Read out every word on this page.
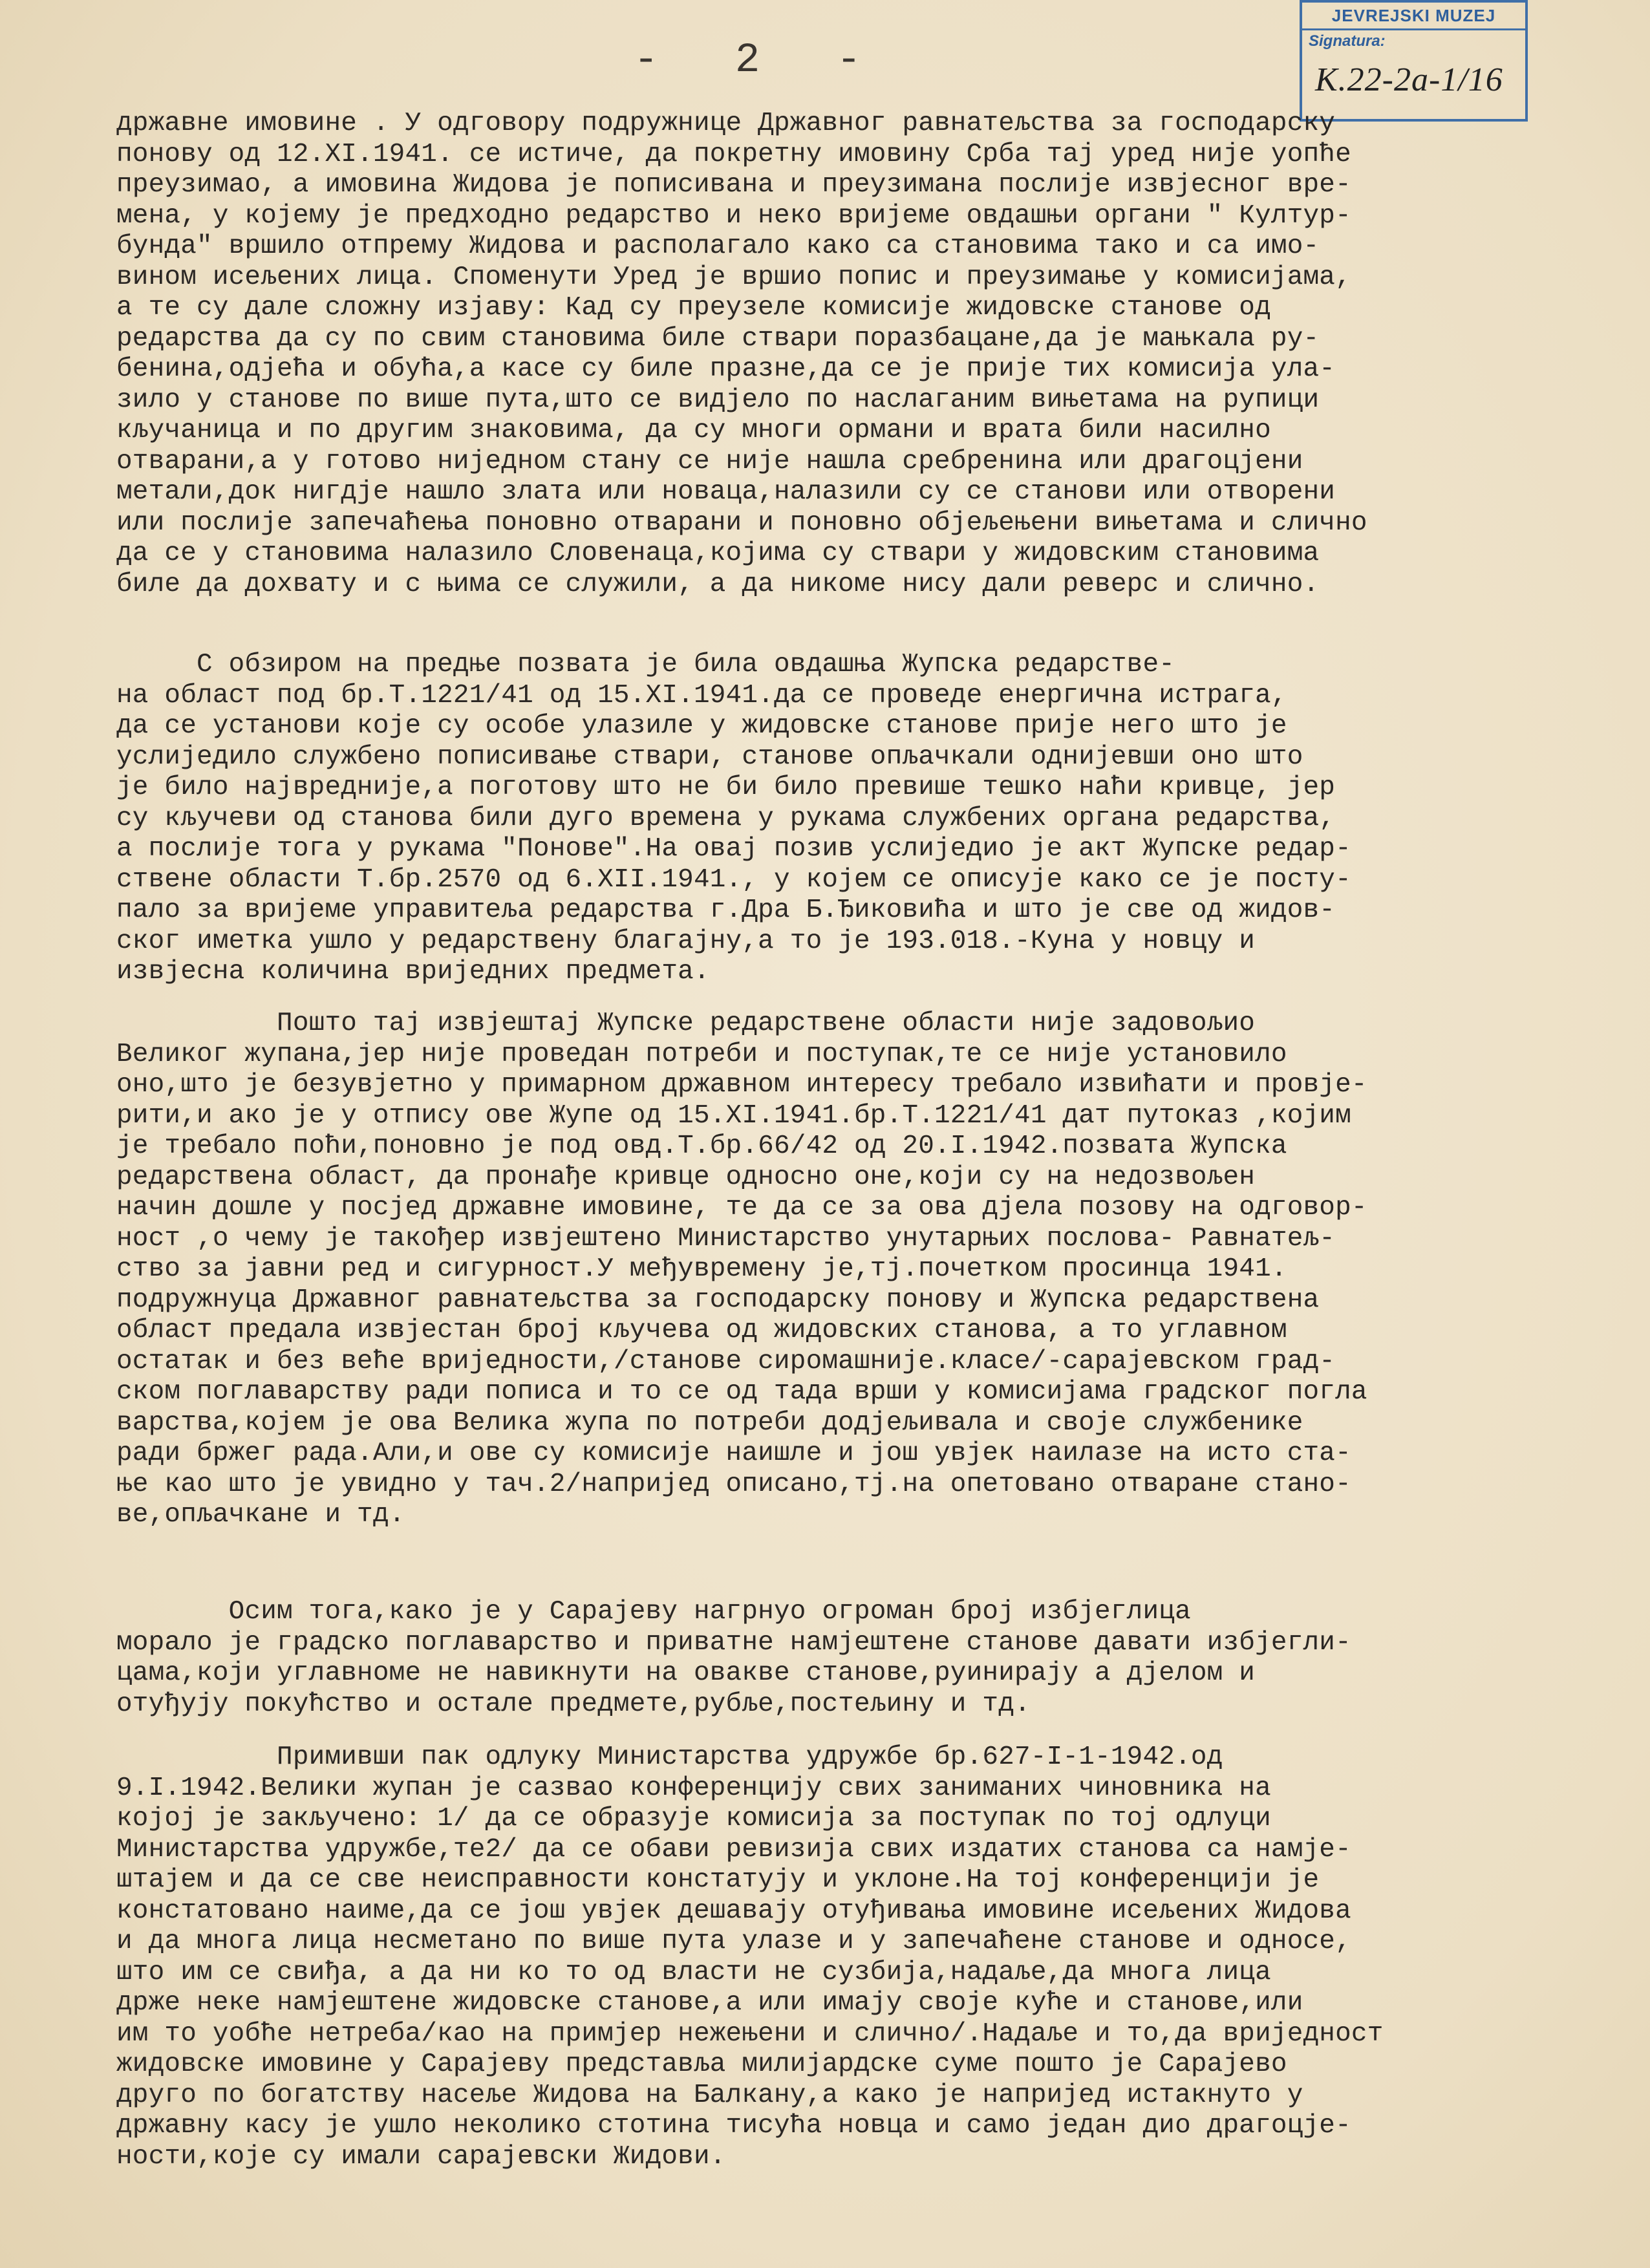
- 2 -
JEVREJSKI MUZEJ
Signatura:
K.22-2a-1/16
државне имовине . У одговору подружнице Државног равнатељства за господарску
понову од 12.XI.1941. се истиче, да покретну имовину Срба тај уред није уопће
преузимао, а имовина Жидова је пописивана и преузимана послије извјесног вре-
мена, у којему је предходно редарство и неко вријеме овдашњи органи " Култур-
бунда" вршило отпрему Жидова и располагало како са становима тако и са имо-
вином исељених лица. Споменути Уред је вршио попис и преузимање у комисијама,
а те су дале сложну изјаву: Кад су преузеле комисије жидовске станове од
редарства да су по свим становима биле ствари поразбацане,да је мањкала ру-
бенина,одјећа и обућа,а касе су биле празне,да се је прије тих комисија ула-
зило у станове по више пута,што се видјело по наслаганим вињетама на рупици
кључаница и по другим знаковима, да су многи ормани и врата били насилно
отварани,а у готово ниједном стану се није нашла сребренина или драгоцјени
метали,док нигдје нашло злата или новаца,налазили су се станови или отворени
или послије запечаћења поновно отварани и поновно објељењени вињетама и слично
да се у становима налазило Словенаца,којима су ствари у жидовским становима
биле да дохвату и с њима се служили, а да никоме нису дали реверс и слично.
С обзиром на предње позвата је била овдашња Жупска редарстве-
на област под бр.Т.1221/41 од 15.XI.1941.да се проведе енергична истрага,
да се установи које су особе улазиле у жидовске станове прије него што је
услиједило службено пописивање ствари, станове опљачкали однијевши оно што
је било највредније,а поготову што не би било превише тешко наћи кривце, јер
су кључеви од станова били дуго времена у рукама службених органа редарства,
а послије тога у рукама "Понове".На овај позив услиједио је акт Жупске редар-
ствене области Т.бр.2570 од 6.XII.1941., у којем се описује како се је посту-
пало за вријеме управитеља редарства г.Дра Б.Ђиковића и што је све од жидов-
ског иметка ушло у редарствену благајну,а то је 193.018.-Куна у новцу и
извјесна количина вриједних предмета.
Пошто тај извјештај Жупске редарствене области није задовољио
Великог жупана,јер није проведан потреби и поступак,те се није установило
оно,што је безувјетно у примарном државном интересу требало извићати и провје-
рити,и ако је у отпису ове Жупе од 15.XI.1941.бр.Т.1221/41 дат путоказ ,којим
је требало поћи,поновно је под овд.Т.бр.66/42 од 20.I.1942.позвата Жупска
редарствена област, да пронађе кривце односно оне,који су на недозвољен
начин дошле у посјед државне имовине, те да се за ова дјела позову на одговор-
ност ,о чему је такођер извјештено Министарство унутарњих послова- Равнатељ-
ство за јавни ред и сигурност.У међувремену је,тј.почетком просинца 1941.
подружнуца Државног равнатељства за господарску понову и Жупска редарствена
област предала извјестан број кључева од жидовских станова, а то углавном
остатак и без веће вриједности,/станове сиромашније.класе/-сарајевском град-
ском поглаварству ради пописа и то се од тада врши у комисијама градског погла
варства,којем је ова Велика жупа по потреби додјељивала и своје службенике
ради бржег рада.Али,и ове су комисије наишле и још увјек наилазе на исто ста-
ње као што је увидно у тач.2/напријед описано,тј.на опетовано отваране стано-
ве,опљачкане и тд.
Осим тога,како је у Сарајеву нагрнуо огроман број избјеглица
морало је градско поглаварство и приватне намјештене станове давати избјегли-
цама,који углавноме не навикнути на овакве станове,руинирају а дјелом и
отуђују покућство и остале предмете,рубље,постељину и тд.
Примивши пак одлуку Министарства удружбе бр.627-I-1-1942.од
9.I.1942.Велики жупан је сазвао конференцију свих заниманих чиновника на
којој је закључено: 1/ да се образује комисија за поступак по тој одлуци
Министарства удружбе,те2/ да се обави ревизија свих издатих станова са намје-
штајем и да се све неисправности констатују и уклоне.На тој конференцији је
констатовано наиме,да се још увјек дешавају отуђивања имовине исељених Жидова
и да многа лица несметано по више пута улазе и у запечаћене станове и односе,
што им се свиђа, а да ни ко то од власти не сузбија,надаље,да многа лица
држе неке намјештене жидовске станове,а или имају своје куће и станове,или
им то уобће нетреба/као на примјер нежењени и слично/.Надаље и то,да вриједност
жидовске имовине у Сарајеву представља милијардске суме пошто је Сарајево
друго по богатству насеље Жидова на Балкану,а како је напријед истакнуто у
државну касу је ушло неколико стотина тисућа новца и само један дио драгоцје-
ности,које су имали сарајевски Жидови.
